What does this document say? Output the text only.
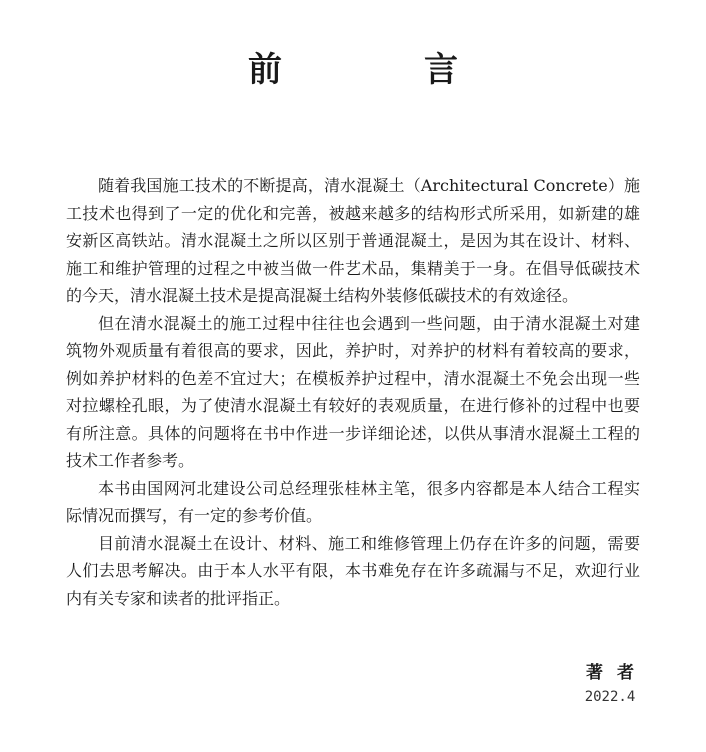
前　言

随着我国施工技术的不断提高，清水混凝土（Architectural Concrete）施工技术也得到了一定的优化和完善，被越来越多的结构形式所采用，如新建的雄安新区高铁站。清水混凝土之所以区别于普通混凝土，是因为其在设计、材料、施工和维护管理的过程之中被当做一件艺术品，集精美于一身。在倡导低碳技术的今天，清水混凝土技术是提高混凝土结构外装修低碳技术的有效途径。

但在清水混凝土的施工过程中往往也会遇到一些问题，由于清水混凝土对建筑物外观质量有着很高的要求，因此，养护时，对养护的材料有着较高的要求，例如养护材料的色差不宜过大；在模板养护过程中，清水混凝土不免会出现一些对拉螺栓孔眼，为了使清水混凝土有较好的表观质量，在进行修补的过程中也要有所注意。具体的问题将在书中作进一步详细论述，以供从事清水混凝土工程的技术工作者参考。

本书由国网河北建设公司总经理张桂林主笔，很多内容都是本人结合工程实际情况而撰写，有一定的参考价值。

目前清水混凝土在设计、材料、施工和维修管理上仍存在许多的问题，需要人们去思考解决。由于本人水平有限，本书难免存在许多疏漏与不足，欢迎行业内有关专家和读者的批评指正。

著者
2022.4
